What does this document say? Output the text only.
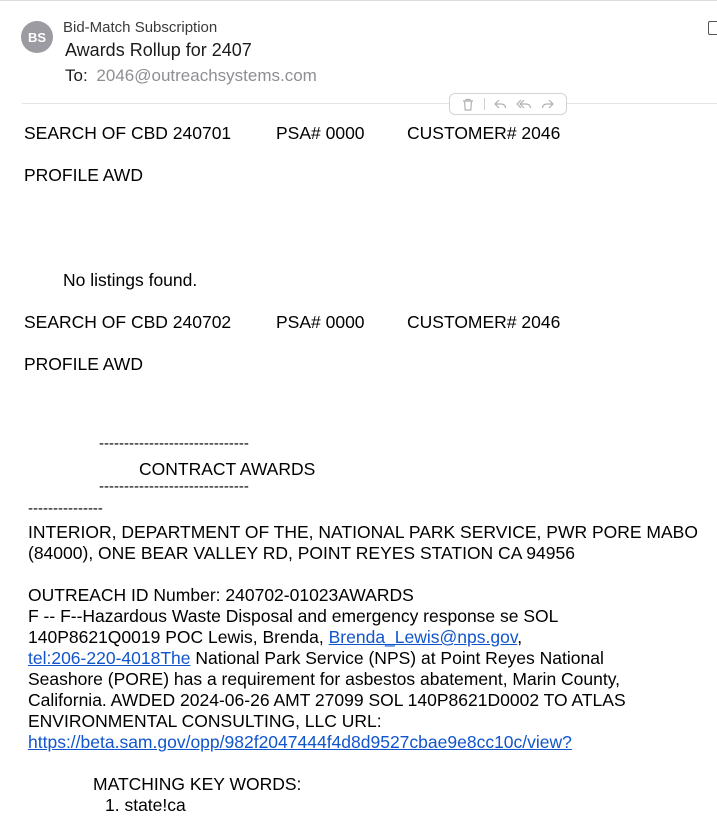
BS
Bid-Match Subscription
Awards Rollup for 2407
To: 2046@outreachsystems.com
SEARCH OF CBD 240701	PSA# 0000 CUSTOMER# 2046
PROFILE AWD
No listings found.
SEARCH OF CBD 240702	PSA# 0000 CUSTOMER# 2046
PROFILE AWD
------------------------------
CONTRACT AWARDS
------------------------------
---------------
INTERIOR, DEPARTMENT OF THE, NATIONAL PARK SERVICE, PWR PORE MABO
(84000), ONE BEAR VALLEY RD, POINT REYES STATION CA 94956
OUTREACH ID Number: 240702-01023AWARDS
F -- F--Hazardous Waste Disposal and emergency response se SOL
140P8621Q0019 POC Lewis, Brenda, Brenda_Lewis@nps.gov,
tel:206-220-4018The National Park Service (NPS) at Point Reyes National
Seashore (PORE) has a requirement for asbestos abatement, Marin County,
California. AWDED 2024-06-26 AMT 27099 SOL 140P8621D0002 TO ATLAS
ENVIRONMENTAL CONSULTING, LLC URL:
https://beta.sam.gov/opp/982f2047444f4d8d9527cbae9e8cc10c/view?
MATCHING KEY WORDS:
1. state!ca
